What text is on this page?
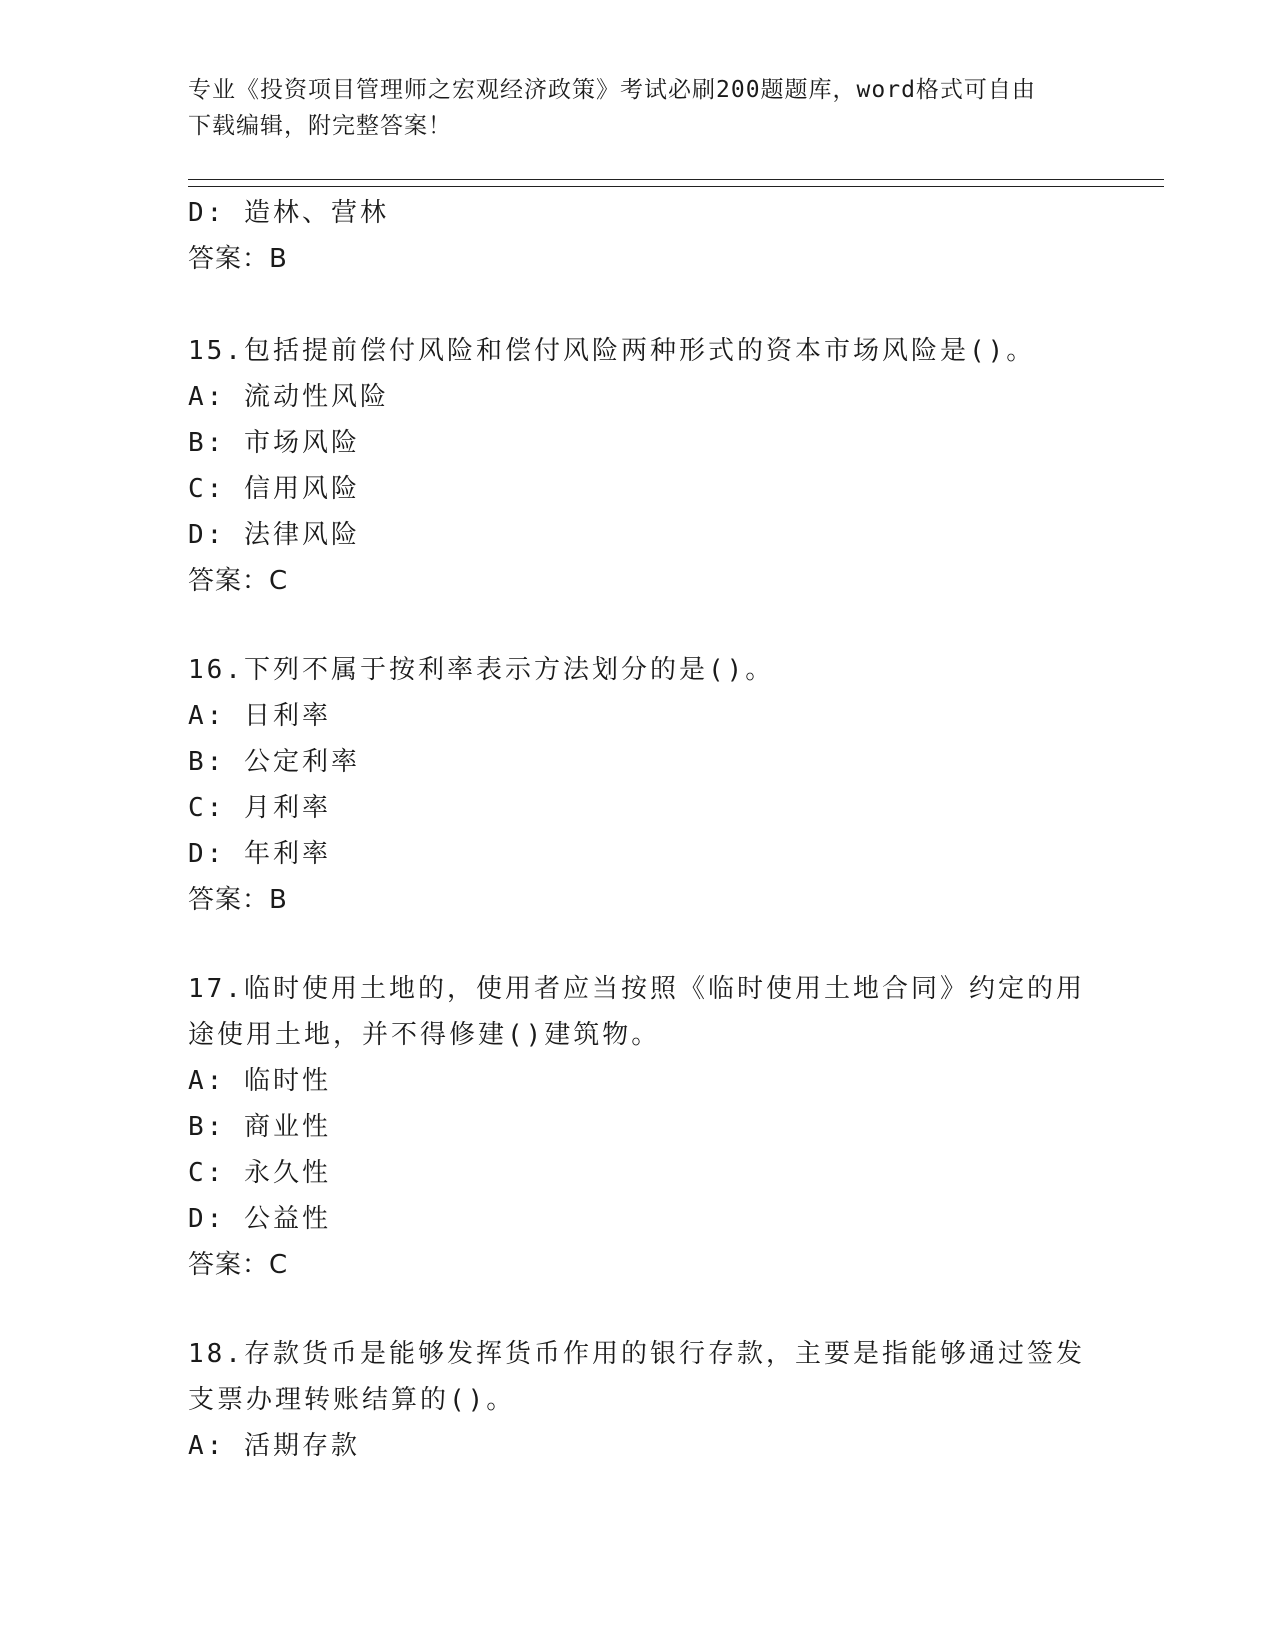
专业《投资项目管理师之宏观经济政策》考试必刷200题题库，word格式可自由
下载编辑，附完整答案！
D: 造林、营林
答案：B
15.包括提前偿付风险和偿付风险两种形式的资本市场风险是()。
A: 流动性风险
B: 市场风险
C: 信用风险
D: 法律风险
答案：C
16.下列不属于按利率表示方法划分的是()。
A: 日利率
B: 公定利率
C: 月利率
D: 年利率
答案：B
17.临时使用土地的，使用者应当按照《临时使用土地合同》约定的用
途使用土地，并不得修建()建筑物。
A: 临时性
B: 商业性
C: 永久性
D: 公益性
答案：C
18.存款货币是能够发挥货币作用的银行存款，主要是指能够通过签发
支票办理转账结算的()。
A: 活期存款
